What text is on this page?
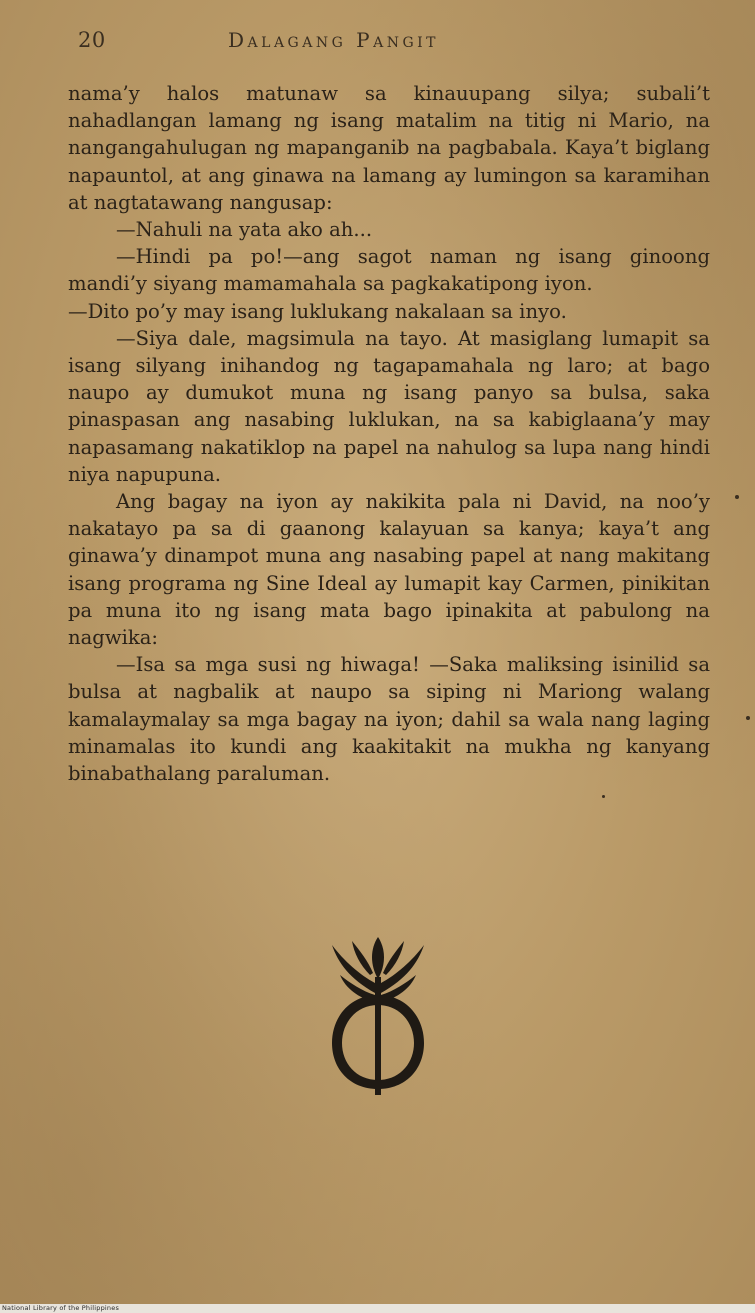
20	Dalagang Pangit

nama’y halos matunaw sa kinauupang silya; subali’t nahadlangan lamang ng isang matalim na titig ni Mario, na nangangahulugan ng mapanganib na pagbabala. Kaya’t biglang napauntol, at ang ginawa na lamang ay lumingon sa karamihan at nagtatawang nangusap:

—Nahuli na yata ako ah...

—Hindi pa po!—ang sagot naman ng isang ginoong mandi’y siyang mamamahala sa pagkakatipong iyon.

—Dito po’y may isang luklukang nakalaan sa inyo.

—Siya dale, magsimula na tayo. At masiglang lumapit sa isang silyang inihandog ng tagapamahala ng laro; at bago naupo ay dumukot muna ng isang panyo sa bulsa, saka pinaspasan ang nasabing luklukan, na sa kabiglaana’y may napasamang nakatiklop na papel na nahulog sa lupa nang hindi niya napupuna.

Ang bagay na iyon ay nakikita pala ni David, na noo’y nakatayo pa sa di gaanong kalayuan sa kanya; kaya’t ang ginawa’y dinampot muna ang nasabing papel at nang makitang isang programa ng Sine Ideal ay lumapit kay Carmen, pinikitan pa muna ito ng isang mata bago ipinakita at pabulong na nagwika:

—Isa sa mga susi ng hiwaga! —Saka maliksing isinilid sa bulsa at nagbalik at naupo sa siping ni Mariong walang kamalaymalay sa mga bagay na iyon; dahil sa wala nang laging minamalas ito kundi ang kaakitakit na mukha ng kanyang binabathalang paraluman.

National Library of the Philippines
